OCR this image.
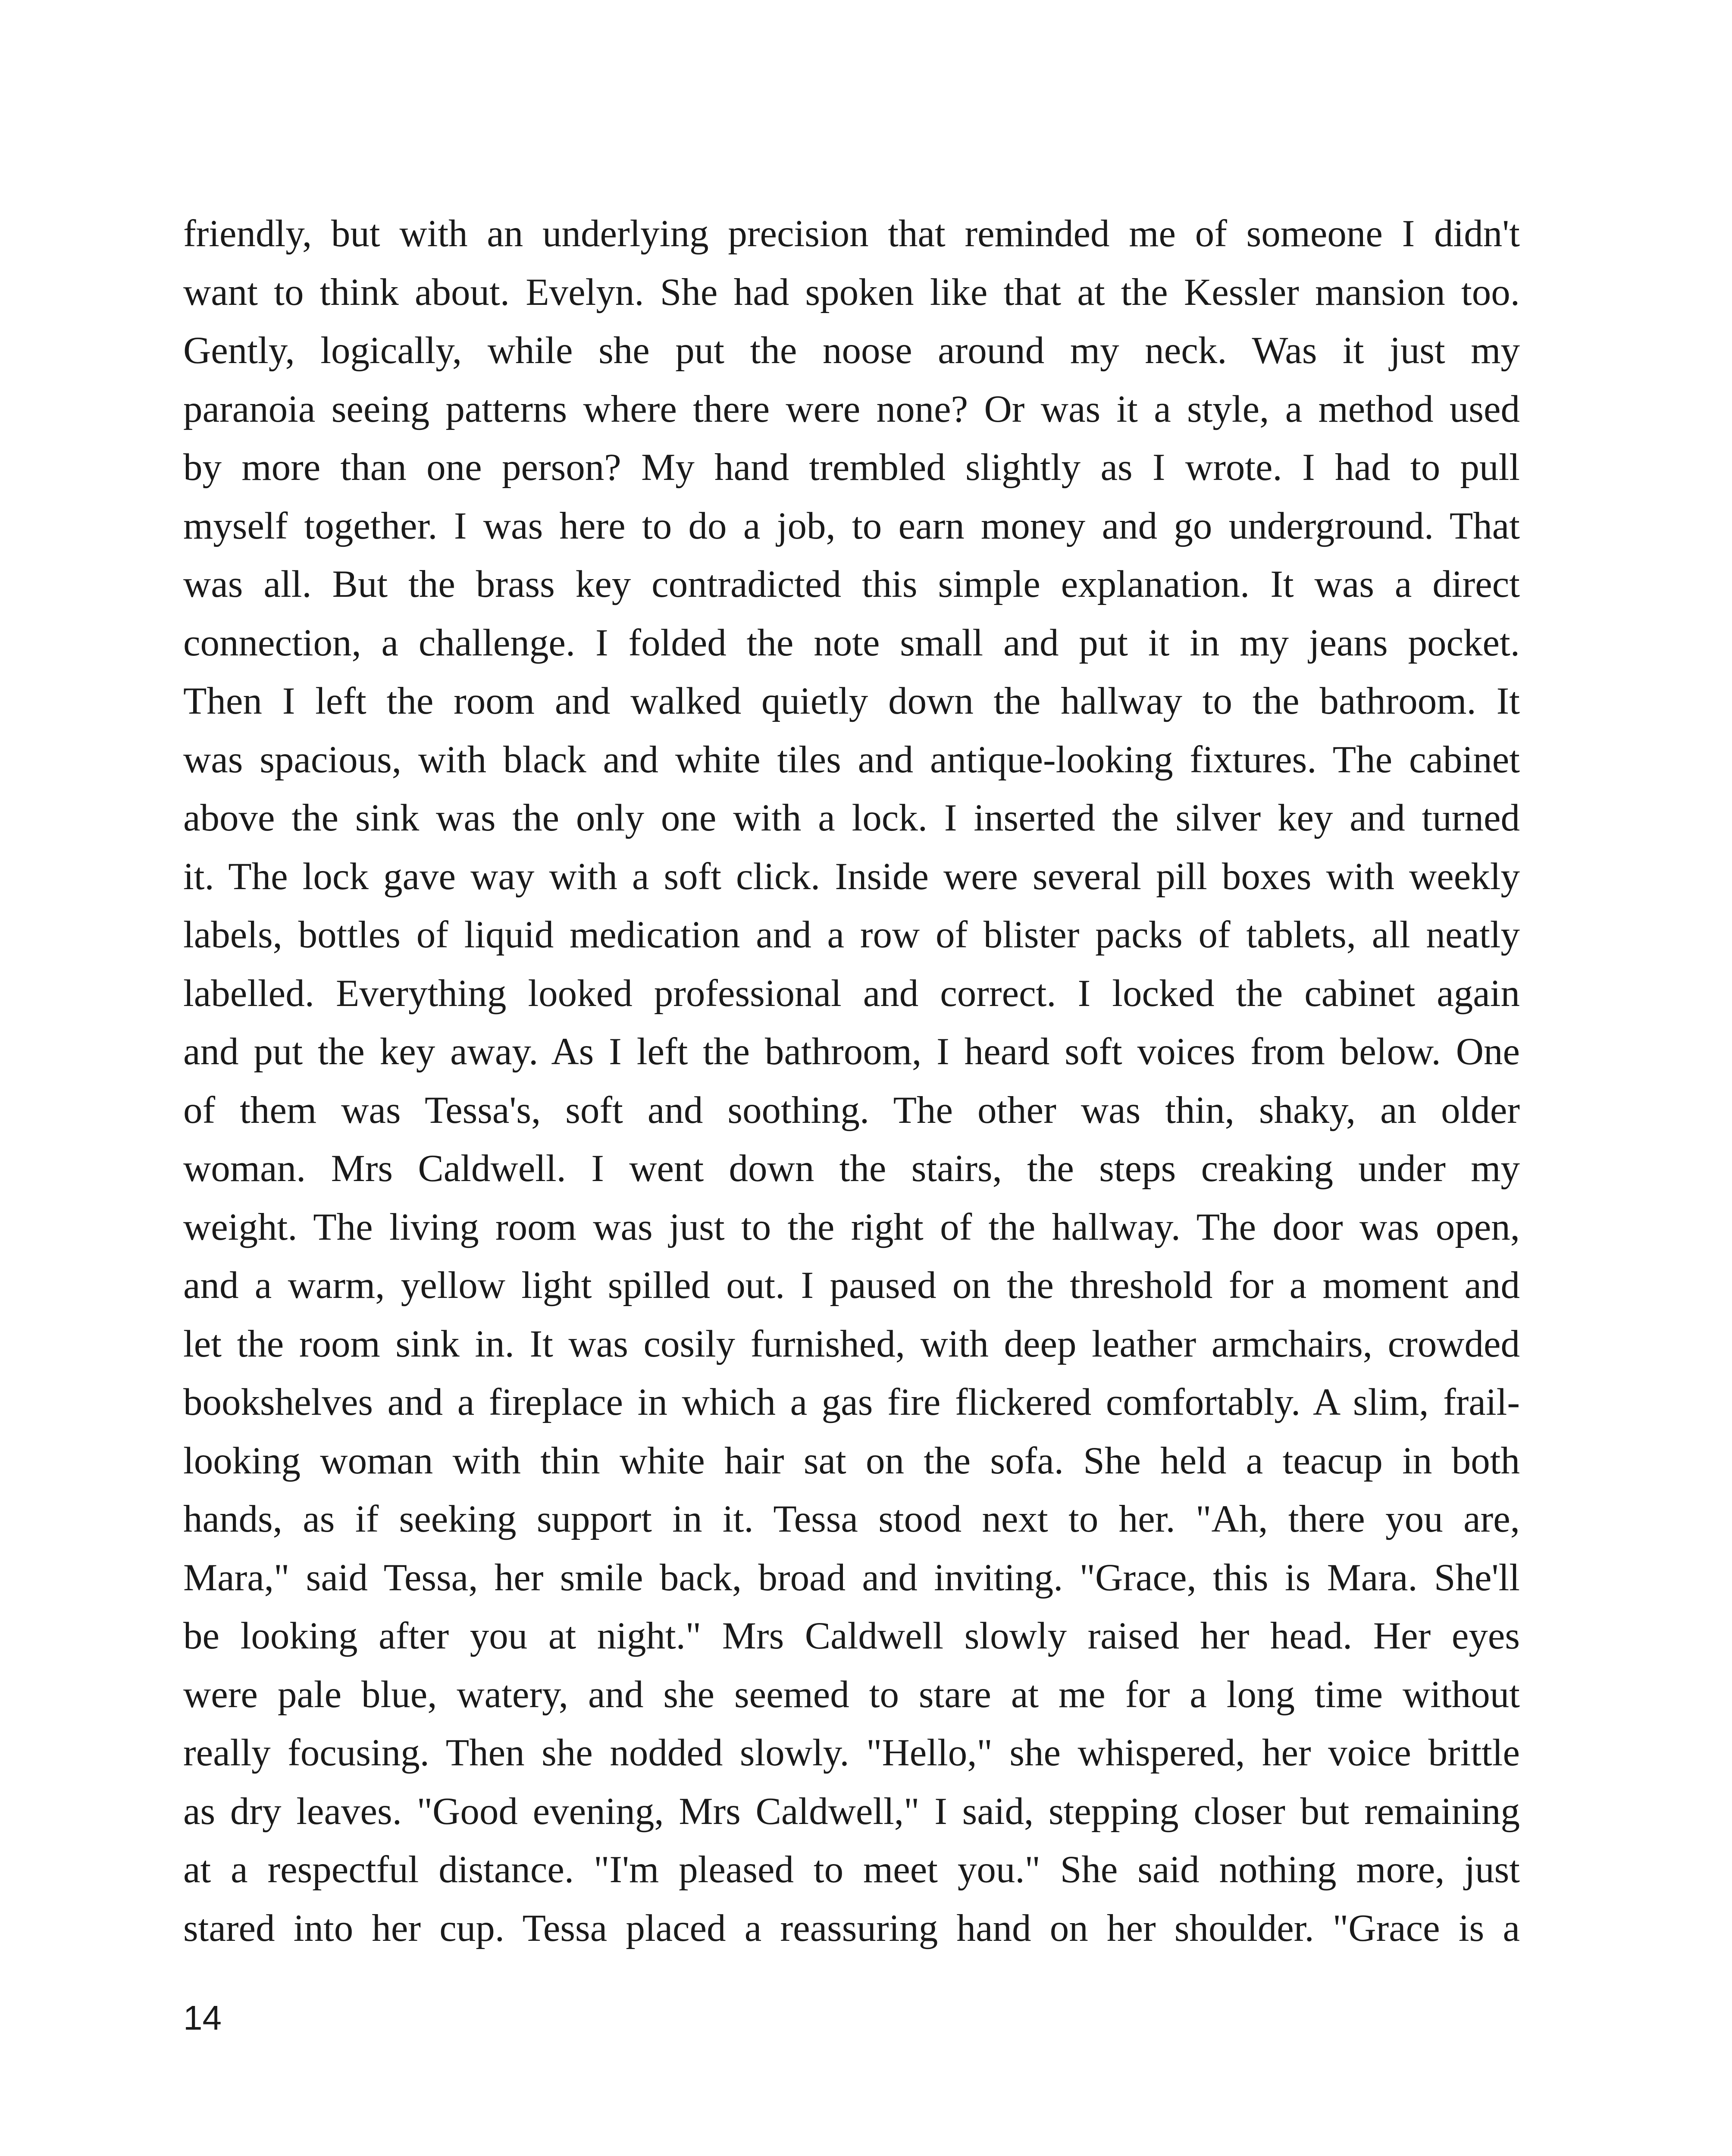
friendly, but with an underlying precision that reminded me of someone I didn't
want to think about. Evelyn. She had spoken like that at the Kessler mansion too.
Gently, logically, while she put the noose around my neck. Was it just my
paranoia seeing patterns where there were none? Or was it a style, a method used
by more than one person? My hand trembled slightly as I wrote. I had to pull
myself together. I was here to do a job, to earn money and go underground. That
was all. But the brass key contradicted this simple explanation. It was a direct
connection, a challenge. I folded the note small and put it in my jeans pocket.
Then I left the room and walked quietly down the hallway to the bathroom. It
was spacious, with black and white tiles and antique-looking fixtures. The cabinet
above the sink was the only one with a lock. I inserted the silver key and turned
it. The lock gave way with a soft click. Inside were several pill boxes with weekly
labels, bottles of liquid medication and a row of blister packs of tablets, all neatly
labelled. Everything looked professional and correct. I locked the cabinet again
and put the key away. As I left the bathroom, I heard soft voices from below. One
of them was Tessa's, soft and soothing. The other was thin, shaky, an older
woman. Mrs Caldwell. I went down the stairs, the steps creaking under my
weight. The living room was just to the right of the hallway. The door was open,
and a warm, yellow light spilled out. I paused on the threshold for a moment and
let the room sink in. It was cosily furnished, with deep leather armchairs, crowded
bookshelves and a fireplace in which a gas fire flickered comfortably. A slim, frail-
looking woman with thin white hair sat on the sofa. She held a teacup in both
hands, as if seeking support in it. Tessa stood next to her. "Ah, there you are,
Mara," said Tessa, her smile back, broad and inviting. "Grace, this is Mara. She'll
be looking after you at night." Mrs Caldwell slowly raised her head. Her eyes
were pale blue, watery, and she seemed to stare at me for a long time without
really focusing. Then she nodded slowly. "Hello," she whispered, her voice brittle
as dry leaves. "Good evening, Mrs Caldwell," I said, stepping closer but remaining
at a respectful distance. "I'm pleased to meet you." She said nothing more, just
stared into her cup. Tessa placed a reassuring hand on her shoulder. "Grace is a
14
